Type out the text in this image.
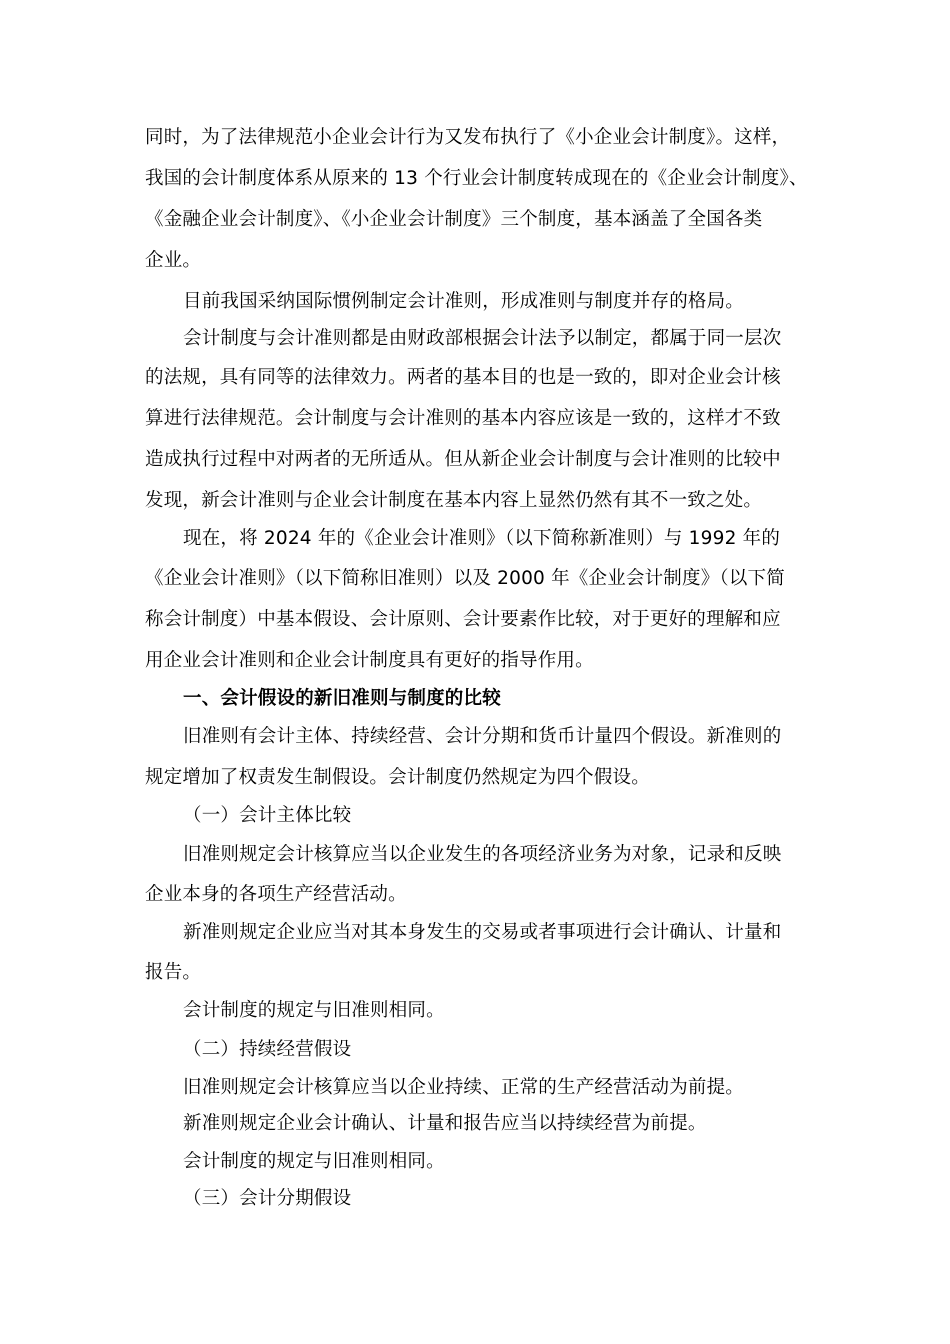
同时，为了法律规范小企业会计行为又发布执行了《小企业会计制度》。这样，
我国的会计制度体系从原来的 13 个行业会计制度转成现在的《企业会计制度》、
《金融企业会计制度》、《小企业会计制度》三个制度，基本涵盖了全国各类
企业。
目前我国采纳国际惯例制定会计准则，形成准则与制度并存的格局。
会计制度与会计准则都是由财政部根据会计法予以制定，都属于同一层次
的法规，具有同等的法律效力。两者的基本目的也是一致的，即对企业会计核
算进行法律规范。会计制度与会计准则的基本内容应该是一致的，这样才不致
造成执行过程中对两者的无所适从。但从新企业会计制度与会计准则的比较中
发现，新会计准则与企业会计制度在基本内容上显然仍然有其不一致之处。
现在，将 2024 年的《企业会计准则》（以下简称新准则）与 1992 年的
《企业会计准则》（以下简称旧准则）以及 2000 年《企业会计制度》（以下简
称会计制度）中基本假设、会计原则、会计要素作比较，对于更好的理解和应
用企业会计准则和企业会计制度具有更好的指导作用。
一、会计假设的新旧准则与制度的比较
旧准则有会计主体、持续经营、会计分期和货币计量四个假设。新准则的
规定增加了权责发生制假设。会计制度仍然规定为四个假设。
（一）会计主体比较
旧准则规定会计核算应当以企业发生的各项经济业务为对象，记录和反映
企业本身的各项生产经营活动。
新准则规定企业应当对其本身发生的交易或者事项进行会计确认、计量和
报告。
会计制度的规定与旧准则相同。
（二）持续经营假设
旧准则规定会计核算应当以企业持续、正常的生产经营活动为前提。
新准则规定企业会计确认、计量和报告应当以持续经营为前提。
会计制度的规定与旧准则相同。
（三）会计分期假设
